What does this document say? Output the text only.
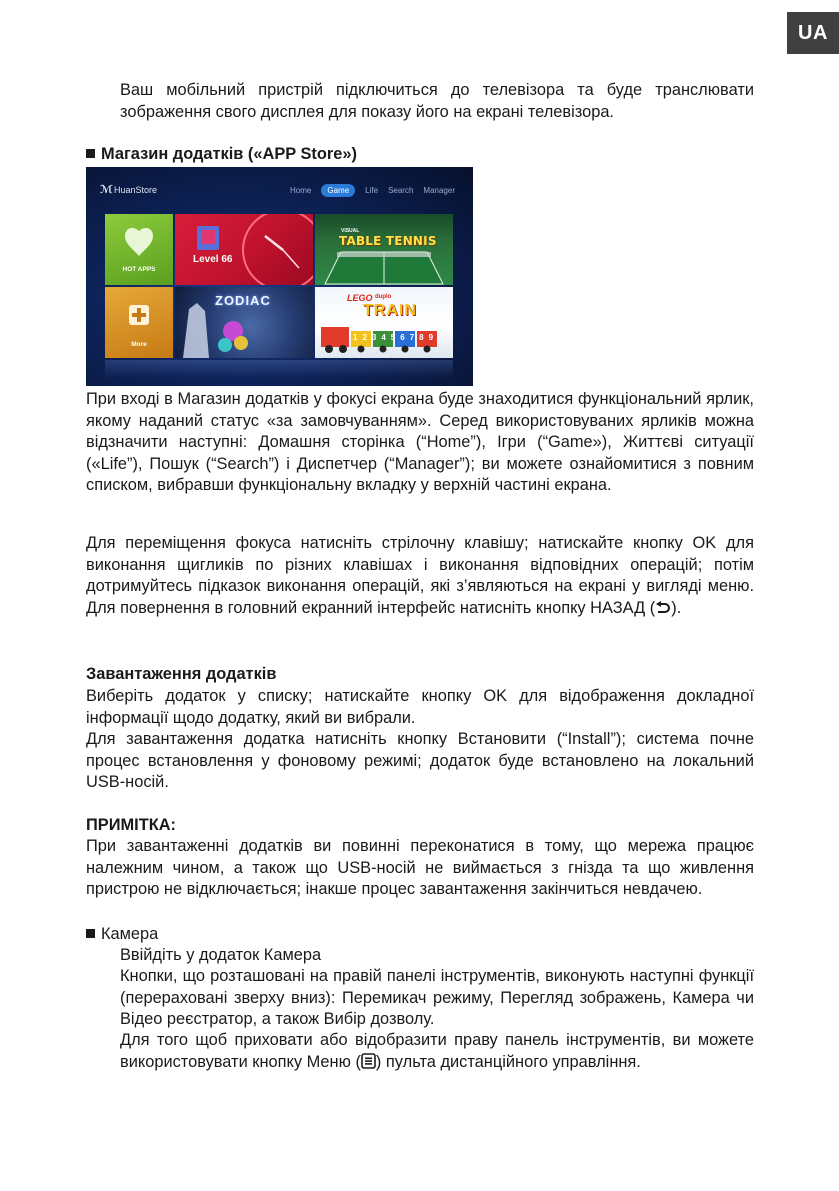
UA

Ваш мобільний пристрій підключиться до телевізора та буде транслювати зображення свого дисплея для показу його на екрані телевізора.

Магазин додатків («APP Store»)
ℳ HuanStore	Home	Game	Life Search Manager
HOT APPS
Level 66
VISUAL
TABLE TENNIS
More
ZODIAC	LEGO duplo
TRAIN
123456789

При вході в Магазин додатків у фокусі екрана буде знаходитися функціональний ярлик, якому наданий статус «за замовчуванням». Серед використовуваних ярликів можна відзначити наступні: Домашня сторінка (“Home”), Ігри (“Game»), Життєві ситуації («Life”), Пошук (“Search”) і Диспетчер (“Manager”); ви можете ознайомитися з повним списком, вибравши функціональну вкладку у верхній частині екрана.

Для переміщення фокуса натисніть стрілочну клавішу; натискайте кнопку OK для виконання щигликів по різних клавішах і виконання відповідних операцій; потім дотримуйтесь підказок виконання операцій, які з’являються на екрані у вигляді меню. Для повернення в головний екранний інтерфейс натисніть кнопку НАЗАД ( ).

Завантаження додатків

Виберіть додаток у списку; натискайте кнопку OK для відображення докладної інформації щодо додатку, який ви вибрали.

Для завантаження додатка натисніть кнопку Встановити (“Install”); система почне процес встановлення у фоновому режимі; додаток буде встановлено на локальний USB-носій.

ПРИМІТКА:

При завантаженні додатків ви повинні переконатися в тому, що мережа працює належним чином, а також що USB-носій не виймається з гнізда та що живлення пристрою не відключається; інакше процес завантаження закінчиться невдачею.

Камера

Ввійдіть у додаток Камера

Кнопки, що розташовані на правій панелі інструментів, виконують наступні функції (перераховані зверху вниз): Перемикач режиму, Перегляд зображень, Камера чи Відео реєстратор, а також Вибір дозволу.

Для того щоб приховати або відобразити праву панель інструментів, ви можете використовувати кнопку Меню ( ) пульта дистанційного управління.
